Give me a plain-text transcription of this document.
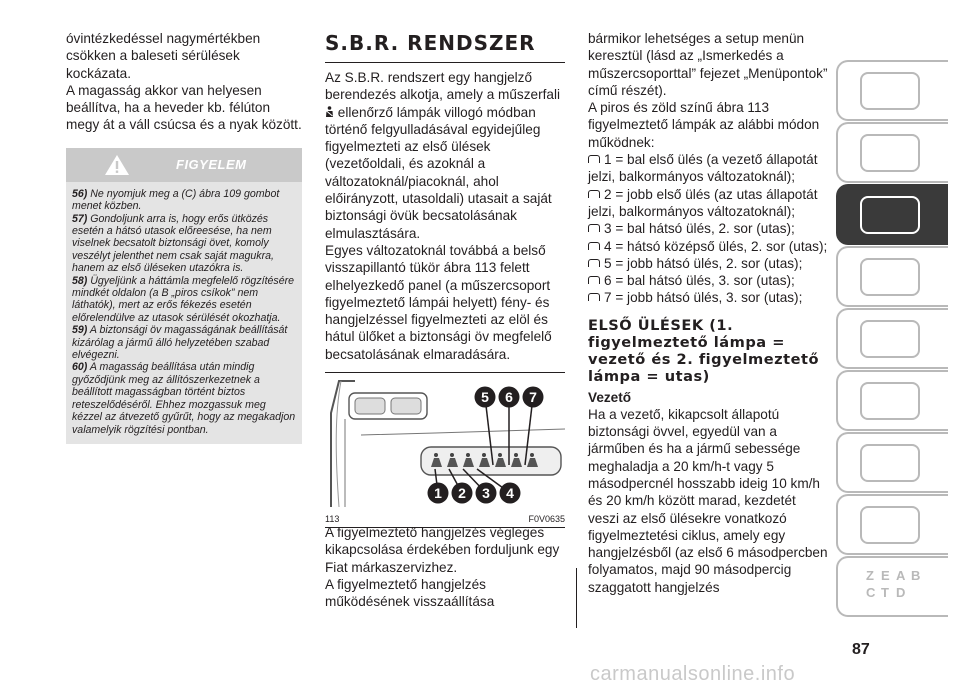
óvintézkedéssel nagymértékben csökken a baleseti sérülések kockázata.

A magasság akkor van helyesen beállítva, ha a heveder kb. félúton megy át a váll csúcsa és a nyak között.

FIGYELEM

56) Ne nyomjuk meg a (C) ábra 109 gombot menet közben.

57) Gondoljunk arra is, hogy erős ütközés esetén a hátsó utasok előreesése, ha nem viselnek becsatolt biztonsági övet, komoly veszélyt jelenthet nem csak saját magukra, hanem az első üléseken utazókra is.

58) Ügyeljünk a háttámla megfelelő rögzítésére mindkét oldalon (a B „piros csíkok” nem láthatók), mert az erős fékezés esetén előrelendülve az utasok sérülését okozhatja.

59) A biztonsági öv magasságának beállítását kizárólag a jármű álló helyzetében szabad elvégezni.

60) A magasság beállítása után mindig győződjünk meg az állítószerkezetnek a beállított magasságban történt biztos reteszelődéséről. Ehhez mozgassuk meg kézzel az átvezető gyűrűt, hogy az megakadjon valamelyik rögzítési pontban.

S.B.R. RENDSZER

Az S.B.R. rendszert egy hangjelző berendezés alkotja, amely a műszerfali  ellenőrző lámpák villogó módban történő felgyulladásával egyidejűleg figyelmezteti az első ülések (vezetőoldali, és azoknál a változatoknál/piacoknál, ahol előirányzott, utasoldali) utasait a saját biztonsági övük becsatolásának elmulasztására.

Egyes változatoknál továbbá a belső visszapillantó tükör ábra 113 felett elhelyezkedő panel (a műszercsoport figyelmeztető lámpái helyett) fény- és hangjelzéssel figyelmezteti az elöl és hátul ülőket a biztonsági öv megfelelő becsatolásának elmaradására.

1 2 3 4
5 6 7
113	F0V0635

A figyelmeztető hangjelzés végleges kikapcsolása érdekében forduljunk egy Fiat márkaszervizhez.

A figyelmeztető hangjelzés működésének visszaállítása

bármikor lehetséges a setup menün keresztül (lásd az „Ismerkedés a műszercsoporttal” fejezet „Menüpontok” című részét).

A piros és zöld színű ábra 113 figyelmeztető lámpák az alábbi módon működnek:

1 = bal első ülés (a vezető állapotát jelzi, balkormányos változatoknál);

2 = jobb első ülés (az utas állapotát jelzi, balkormányos változatoknál);

3 = bal hátsó ülés, 2. sor (utas);

4 = hátsó középső ülés, 2. sor (utas);

5 = jobb hátsó ülés, 2. sor (utas);

6 = bal hátsó ülés, 3. sor (utas);

7 = jobb hátsó ülés, 3. sor (utas);

ELSŐ ÜLÉSEK (1. figyelmeztető lámpa = vezető és 2. figyelmeztető lámpa = utas)
Vezető

Ha a vezető, kikapcsolt állapotú biztonsági övvel, egyedül van a járműben és ha a jármű sebessége meghaladja a 20 km/h-t vagy 5 másodpercnél hosszabb ideig 10 km/h és 20 km/h között marad, kezdetét veszi az első ülésekre vonatkozó figyelmeztetési ciklus, amely egy hangjelzésből (az első 6 másodpercben folyamatos, majd 90 másodpercig szaggatott hangjelzés

Z E A B
C T D
87
carmanualsonline.info
